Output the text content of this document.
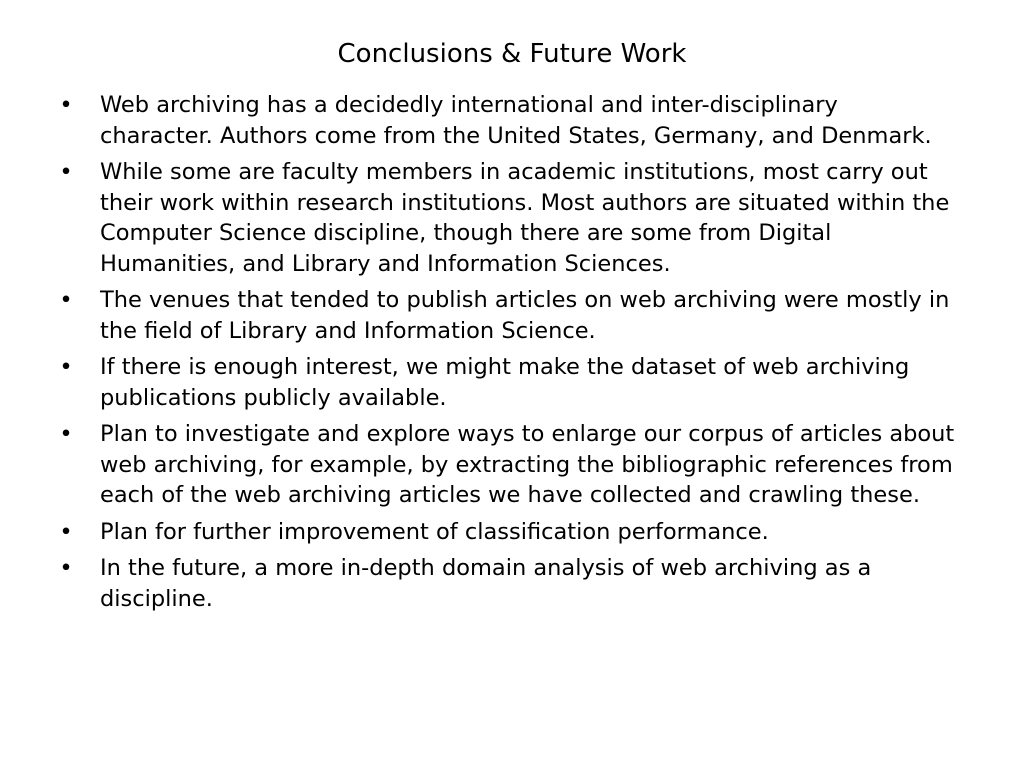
Conclusions & Future Work
• Web archiving has a decidedly international and inter-disciplinary character. Authors come from the United States, Germany, and Denmark.
• While some are faculty members in academic institutions, most carry out their work within research institutions. Most authors are situated within the Computer Science discipline, though there are some from Digital Humanities, and Library and Information Sciences.
• The venues that tended to publish articles on web archiving were mostly in the field of Library and Information Science.
• If there is enough interest, we might make the dataset of web archiving publications publicly available.
• Plan to investigate and explore ways to enlarge our corpus of articles about web archiving, for example, by extracting the bibliographic references from each of the web archiving articles we have collected and crawling these.
• Plan for further improvement of classification performance.
• In the future, a more in-depth domain analysis of web archiving as a discipline.
